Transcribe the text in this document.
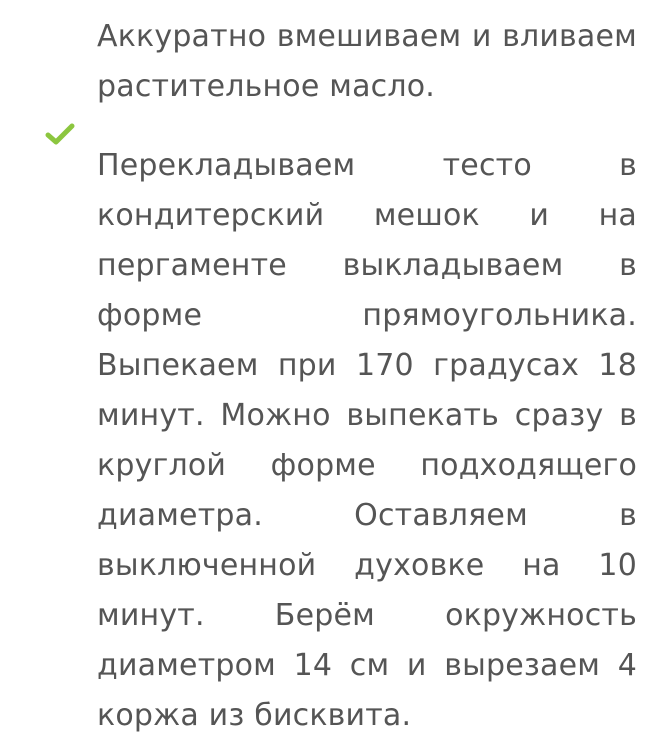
Аккуратно вмешиваем и вливаем растительное масло.

Перекладываем тесто в кондитерский мешок и на пергаменте выкладываем в форме прямоугольника. Выпекаем при 170 градусах 18 минут. Можно выпекать сразу в круглой форме подходящего диаметра. Оставляем в выключенной духовке на 10 минут. Берём окружность диаметром 14 см и вырезаем 4 коржа из бисквита.
